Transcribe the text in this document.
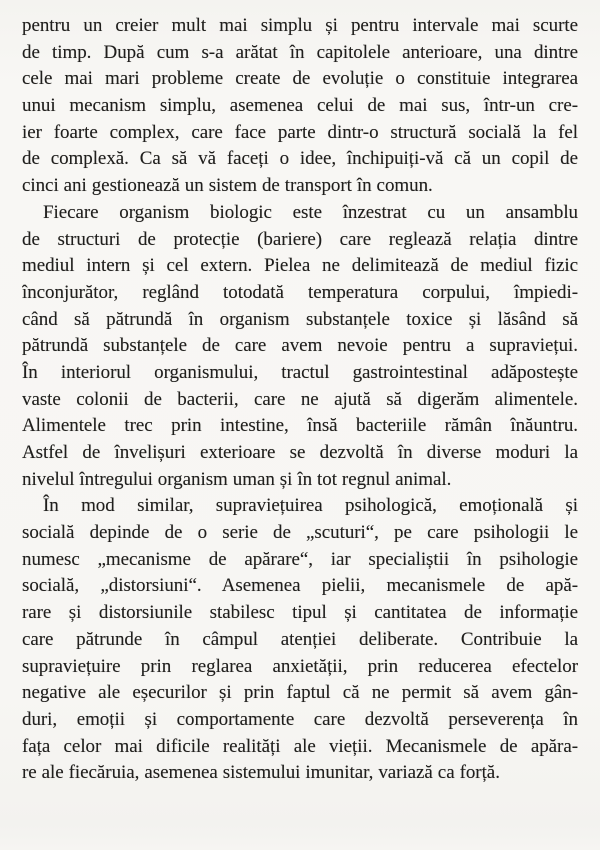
pentru un creier mult mai simplu și pentru intervale mai scurte
de timp. După cum s-a arătat în capitolele anterioare, una dintre
cele mai mari probleme create de evoluție o constituie integrarea
unui mecanism simplu, asemenea celui de mai sus, într-un cre-
ier foarte complex, care face parte dintr-o structură socială la fel
de complexă. Ca să vă faceți o idee, închipuiți-vă că un copil de
cinci ani gestionează un sistem de transport în comun.
Fiecare organism biologic este înzestrat cu un ansamblu
de structuri de protecție (bariere) care reglează relația dintre
mediul intern și cel extern. Pielea ne delimitează de mediul fizic
înconjurător, reglând totodată temperatura corpului, împiedi-
când să pătrundă în organism substanțele toxice și lăsând să
pătrundă substanțele de care avem nevoie pentru a supraviețui.
În interiorul organismului, tractul gastrointestinal adăpostește
vaste colonii de bacterii, care ne ajută să digerăm alimentele.
Alimentele trec prin intestine, însă bacteriile rămân înăuntru.
Astfel de învelișuri exterioare se dezvoltă în diverse moduri la
nivelul întregului organism uman și în tot regnul animal.
În mod similar, supraviețuirea psihologică, emoțională și
socială depinde de o serie de „scuturi“, pe care psihologii le
numesc „mecanisme de apărare“, iar specialiștii în psihologie
socială, „distorsiuni“. Asemenea pielii, mecanismele de apă-
rare și distorsiunile stabilesc tipul și cantitatea de informație
care pătrunde în câmpul atenției deliberate. Contribuie la
supraviețuire prin reglarea anxietății, prin reducerea efectelor
negative ale eșecurilor și prin faptul că ne permit să avem gân-
duri, emoții și comportamente care dezvoltă perseverența în
fața celor mai dificile realități ale vieții. Mecanismele de apăra-
re ale fiecăruia, asemenea sistemului imunitar, variază ca forță.
